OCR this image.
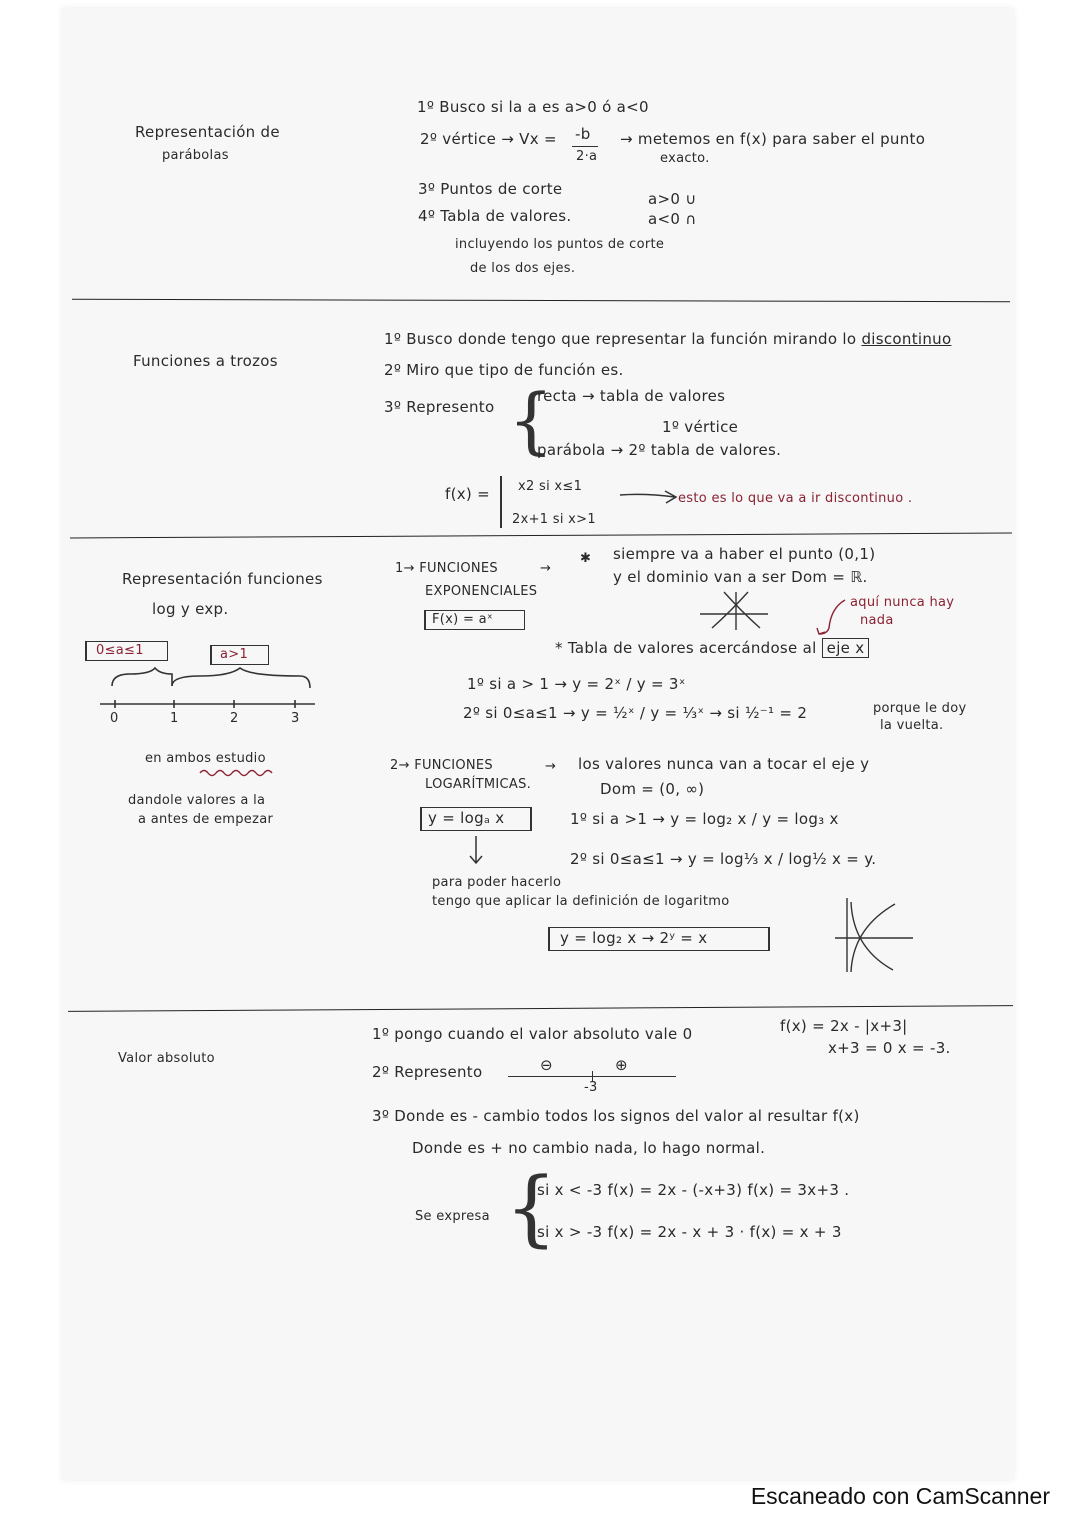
Representación de
parábolas
1º Busco si la a es a>0 ó a<0
2º vértice → Vx = -b
2·a
→ metemos en f(x) para saber el punto
exacto.
3º Puntos de corte
a>0 ∪
4º Tabla de valores.	a<0 ∩
incluyendo los puntos de corte
de los dos ejes.
Funciones a trozos
1º Busco donde tengo que representar la función mirando lo discontinuo
2º Miro que tipo de función es.
3º Represento {
recta → tabla de valores
1º vértice
parábola → 2º tabla de valores.
f(x) = x2 si x≤1
2x+1 si x>1
esto es lo que va a ir discontinuo .
Representación funciones
log y exp.
0≤a≤1	a>1
0	1	2	3
en ambos estudio
dandole valores a la
a antes de empezar
1→ FUNCIONES
EXPONENCIALES
→
✱ siempre va a haber el punto (0,1)
y el dominio van a ser Dom = ℝ.
F(x) = aˣ
aquí nunca hay
nada
* Tabla de valores acercándose al eje x
1º si a > 1 → y = 2ˣ / y = 3ˣ
2º si 0≤a≤1 → y = ½ˣ / y = ⅓ˣ → si ½⁻¹ = 2	porque le doy
la vuelta.
2→ FUNCIONES
LOGARÍTMICAS.
→ los valores nunca van a tocar el eje y
Dom = (0, ∞)
y = logₐ x	1º si a >1 → y = log₂ x / y = log₃ x
2º si 0≤a≤1 → y = log⅓ x / log½ x = y.
para poder hacerlo
tengo que aplicar la definición de logaritmo
y = log₂ x → 2ʸ = x
Valor absoluto
1º pongo cuando el valor absoluto vale 0	f(x) = 2x - |x+3|
x+3 = 0 x = -3.
2º Represento	⊖	⊕
-3
3º Donde es - cambio todos los signos del valor al resultar f(x)
Donde es + no cambio nada, lo hago normal.
Se expresa {
si x < -3 f(x) = 2x - (-x+3) f(x) = 3x+3 .
si x > -3 f(x) = 2x - x + 3 · f(x) = x + 3
Escaneado con CamScanner
